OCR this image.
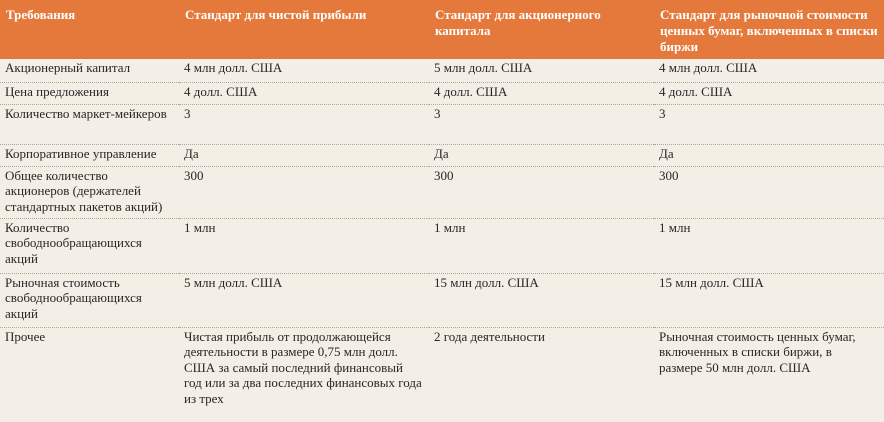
Требования	Стандарт для чистой прибыли	Стандарт для акционерного капитала	Стандарт для рыночной стоимости ценных бумаг, включенных в списки биржи
Акционерный капитал	4 млн долл. США	5 млн долл. США	4 млн долл. США
Цена предложения	4 долл. США	4 долл. США	4 долл. США
Количество маркет-мейкеров	3	3	3
Корпоративное управление	Да	Да	Да
Общее количество акционеров (держателей стандартных пакетов акций)	300	300	300
Количество свободнообращающихся акций	1 млн	1 млн	1 млн
Рыночная стоимость свободнообращающихся акций	5 млн долл. США	15 млн долл. США	15 млн долл. США
Прочее	Чистая прибыль от продолжающейся деятельности в размере 0,75 млн долл. США за самый последний финансовый год или за два последних финансовых года из трех	2 года деятельности	Рыночная стоимость ценных бумаг, включенных в списки биржи, в размере 50 млн долл. США
